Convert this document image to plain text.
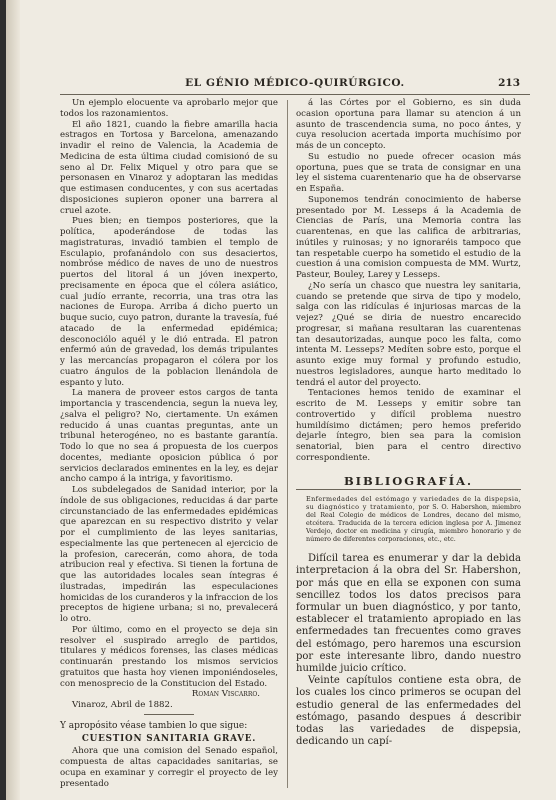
EL GÉNIO MÉDICO-QUIRÚRGICO.	213

Un ejemplo elocuente va aprobarlo mejor que todos los razonamientos.

El año 1821, cuando la fiebre amarilla hacia estragos en Tortosa y Barcelona, amenazando invadir el reino de Valencia, la Academia de Medicina de esta última ciudad comisionó de su seno al Dr. Felix Miquel y otro para que se personasen en Vinaroz y adoptaran las medidas que estimasen conducentes, y con sus acertadas disposiciones supieron oponer una barrera al cruel azote.

Pues bien; en tiempos posteriores, que la política, apoderándose de todas las magistraturas, invadió tambien el templo de Esculapio, profanándolo con sus desaciertos, nombróse médico de naves de uno de nuestros puertos del litoral á un jóven inexperto, precisamente en época que el cólera asiático, cual judío errante, recorria, una tras otra las naciones de Europa. Arriba á dicho puerto un buque sucio, cuyo patron, durante la travesía, fué atacado de la enfermedad epidémica; desconociólo aquél y le dió entrada. El patron enfermó aún de gravedad, los demás tripulantes y las mercancías propagaron el cólera por los cuatro ángulos de la poblacion llenándola de espanto y luto.

La manera de proveer estos cargos de tanta importancia y trascendencia, segun la nueva ley, ¿salva el peligro? No, ciertamente. Un exámen reducido á unas cuantas preguntas, ante un tribunal heterogéneo, no es bastante garantía. Todo lo que no sea á propuesta de los cuerpos docentes, mediante oposicion pública ó por servicios declarados eminentes en la ley, es dejar ancho campo á la intriga, y favoritismo.

Los subdelegados de Sanidad interior, por la índole de sus obligaciones, reducidas á dar parte circunstanciado de las enfermedades epidémicas que aparezcan en su respectivo distrito y velar por el cumplimiento de las leyes sanitarias, especialmente las que pertenecen al ejercicio de la profesion, carecerán, como ahora, de toda atribucion real y efectiva. Si tienen la fortuna de que las autoridades locales sean íntegras é ilustradas, impedirán las especulaciones homicidas de los curanderos y la infraccion de los preceptos de higiene urbana; si no, prevalecerá lo otro.

Por último, como en el proyecto se deja sin resolver el suspirado arreglo de partidos, titulares y médicos forenses, las clases médicas continuarán prestando los mismos servicios gratuitos que hasta hoy vienen imponiéndoseles, con menosprecio de la Constitucion del Estado.

Roman Viscarro.

Vinaroz, Abril de 1882.

Y apropósito véase tambien lo que sigue:

CUESTION SANITARIA GRAVE.

Ahora que una comision del Senado español, compuesta de altas capacidades sanitarias, se ocupa en examinar y corregir el proyecto de ley presentado

á las Córtes por el Gobierno, es sin duda ocasion oportuna para llamar su atencion á un asunto de trascendencia suma, no poco ántes, y cuya resolucion acertada importa muchísimo por más de un concepto.

Su estudio no puede ofrecer ocasion más oportuna, pues que se trata de consignar en una ley el sistema cuarentenario que ha de observarse en España.

Suponemos tendrán conocimiento de haberse presentado por M. Lesseps á la Academia de Ciencias de París, una Memoria contra las cuarentenas, en que las califica de arbitrarias, inútiles y ruinosas; y no ignoraréis tampoco que tan respetable cuerpo ha sometido el estudio de la cuestion á una comision compuesta de MM. Wurtz, Pasteur, Bouley, Larey y Lesseps.

¿No sería un chasco que nuestra ley sanitaria, cuando se pretende que sirva de tipo y modelo, salga con las ridículas é injuriosas marcas de la vejez? ¿Qué se diria de nuestro encarecido progresar, si mañana resultaran las cuarentenas tan desautorizadas, aunque poco les falta, como intenta M. Lesseps? Medíten sobre esto, porque el asunto exige muy formal y profundo estudio, nuestros legisladores, aunque harto meditado lo tendrá el autor del proyecto.

Tentaciones hemos tenido de examinar el escrito de M. Lesseps y emitir sobre tan controvertido y difícil problema nuestro humildísimo dictámen; pero hemos preferido dejarle íntegro, bien sea para la comision senatorial, bien para el centro directivo correspondiente.

BIBLIOGRAFÍA.

Enfermedades del estómago y variedades de la dispepsia, su diagnóstico y tratamiento, por S. O. Habershon, miembro del Real Colegio de médicos de Londres, decano del mismo, etcétera. Traducida de la tercera edicion inglesa por A. Jimenez Verdejo, doctor en medicina y cirugía, miembro honorario y de número de diferentes corporaciones, etc., etc.

Difícil tarea es enumerar y dar la debida interpretacion á la obra del Sr. Habershon, por más que en ella se exponen con suma sencillez todos los datos precisos para formular un buen diagnóstico, y por tanto, establecer el tratamiento apropiado en las enfermedades tan frecuentes como graves del estómago, pero haremos una escursion por este interesante libro, dando nuestro humilde juicio crítico.

Veinte capítulos contiene esta obra, de los cuales los cinco primeros se ocupan del estudio general de las enfermedades del estómago, pasando despues á describir todas las variedades de dispepsia, dedicando un capí-
